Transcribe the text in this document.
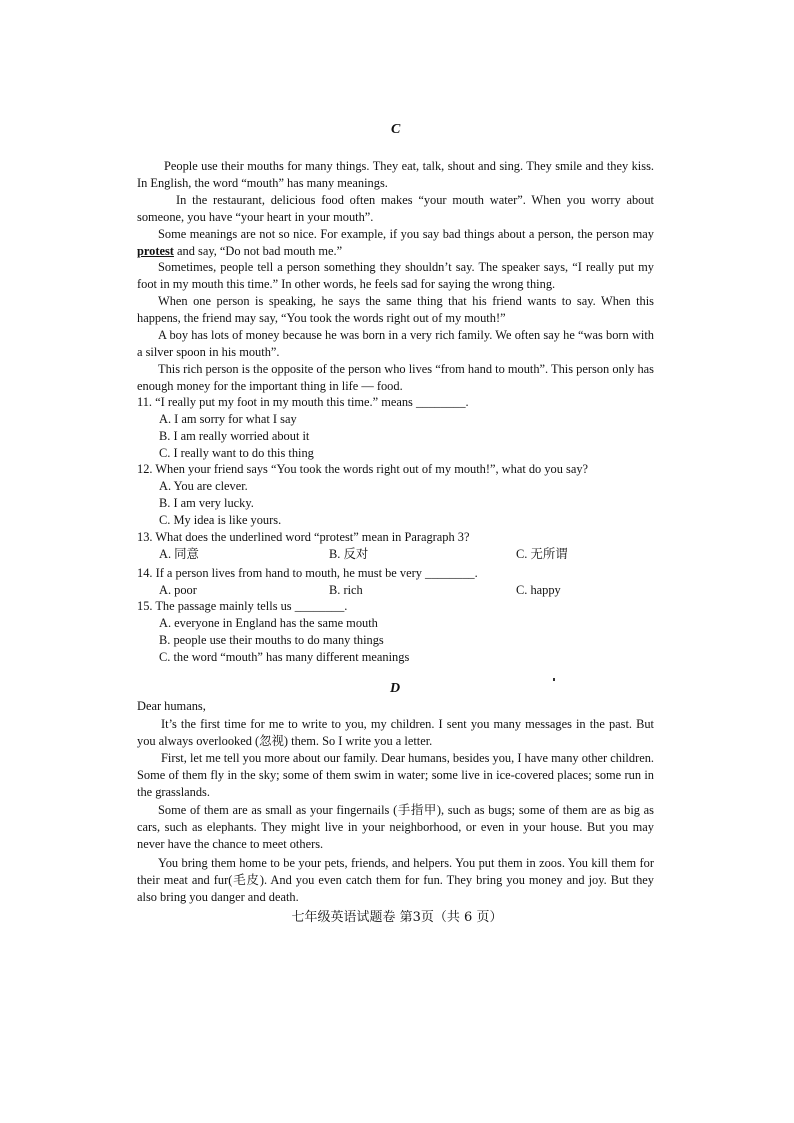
C

People use their mouths for many things. They eat, talk, shout and sing. They smile and they kiss. In English, the word “mouth” has many meanings.

In the restaurant, delicious food often makes “your mouth water”. When you worry about someone, you have “your heart in your mouth”.

Some meanings are not so nice. For example, if you say bad things about a person, the person may protest and say, “Do not bad mouth me.”

Sometimes, people tell a person something they shouldn’t say. The speaker says, “I really put my foot in my mouth this time.” In other words, he feels sad for saying the wrong thing.

When one person is speaking, he says the same thing that his friend wants to say. When this happens, the friend may say, “You took the words right out of my mouth!”

A boy has lots of money because he was born in a very rich family. We often say he “was born with a silver spoon in his mouth”.

This rich person is the opposite of the person who lives “from hand to mouth”. This person only has enough money for the important thing in life — food.

11. “I really put my foot in my mouth this time.” means ________.
A. I am sorry for what I say
B. I am really worried about it
C. I really want to do this thing
12. When your friend says “You took the words right out of my mouth!”, what do you say?
A. You are clever.
B. I am very lucky.
C. My idea is like yours.
13. What does the underlined word “protest” mean in Paragraph 3?
A. 同意	B. 反对	C. 无所谓
14. If a person lives from hand to mouth, he must be very ________.
A. poor	B. rich	C. happy
15. The passage mainly tells us ________.
A. everyone in England has the same mouth
B. people use their mouths to do many things
C. the word “mouth” has many different meanings
D
Dear humans,

It’s the first time for me to write to you, my children. I sent you many messages in the past. But you always overlooked (忽视) them. So I write you a letter.

First, let me tell you more about our family. Dear humans, besides you, I have many other children. Some of them fly in the sky; some of them swim in water; some live in ice-covered places; some run in the grasslands.

Some of them are as small as your fingernails (手指甲), such as bugs; some of them are as big as cars, such as elephants. They might live in your neighborhood, or even in your house. But you may never have the chance to meet others.

You bring them home to be your pets, friends, and helpers. You put them in zoos. You kill them for their meat and fur(毛皮). And you even catch them for fun. They bring you money and joy. But they also bring you danger and death.

七年级英语试题卷 第3页（共 6 页）
